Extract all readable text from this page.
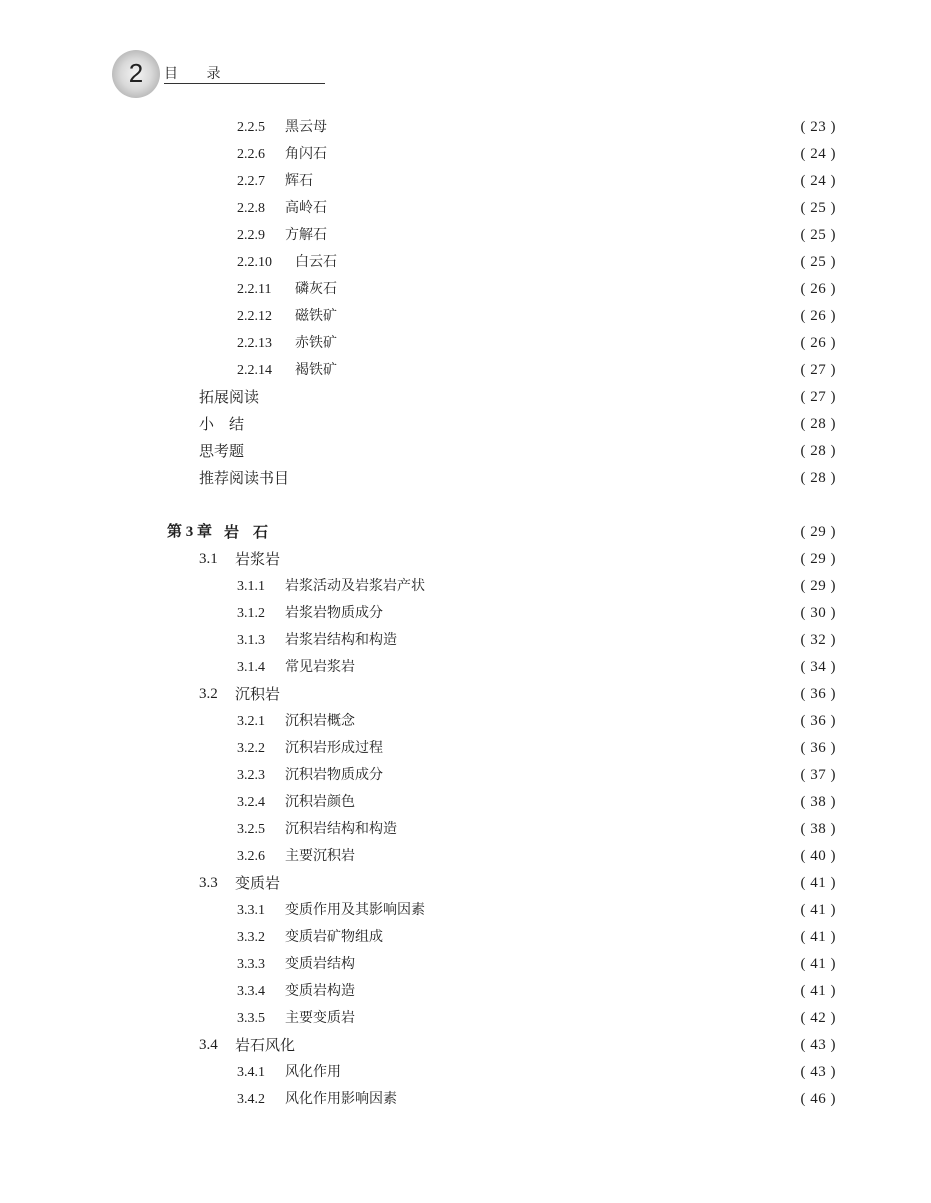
2	目 录
2.2.5	黑云母	( 23 )
2.2.6	角闪石	( 24 )
2.2.7	辉石	( 24 )
2.2.8	高岭石	( 25 )
2.2.9	方解石	( 25 )
2.2.10	白云石	( 25 )
2.2.11	磷灰石	( 26 )
2.2.12	磁铁矿	( 26 )
2.2.13	赤铁矿	( 26 )
2.2.14	褐铁矿	( 27 )
拓展阅读	( 27 )
小　结	( 28 )
思考题	( 28 )
推荐阅读书目	( 28 )
第 3 章 岩石	( 29 )
3.1	岩浆岩	( 29 )
3.1.1	岩浆活动及岩浆岩产状	( 29 )
3.1.2	岩浆岩物质成分	( 30 )
3.1.3	岩浆岩结构和构造	( 32 )
3.1.4	常见岩浆岩	( 34 )
3.2	沉积岩	( 36 )
3.2.1	沉积岩概念	( 36 )
3.2.2	沉积岩形成过程	( 36 )
3.2.3	沉积岩物质成分	( 37 )
3.2.4	沉积岩颜色	( 38 )
3.2.5	沉积岩结构和构造	( 38 )
3.2.6	主要沉积岩	( 40 )
3.3	变质岩	( 41 )
3.3.1	变质作用及其影响因素	( 41 )
3.3.2	变质岩矿物组成	( 41 )
3.3.3	变质岩结构	( 41 )
3.3.4	变质岩构造	( 41 )
3.3.5	主要变质岩	( 42 )
3.4	岩石风化	( 43 )
3.4.1	风化作用	( 43 )
3.4.2	风化作用影响因素	( 46 )
